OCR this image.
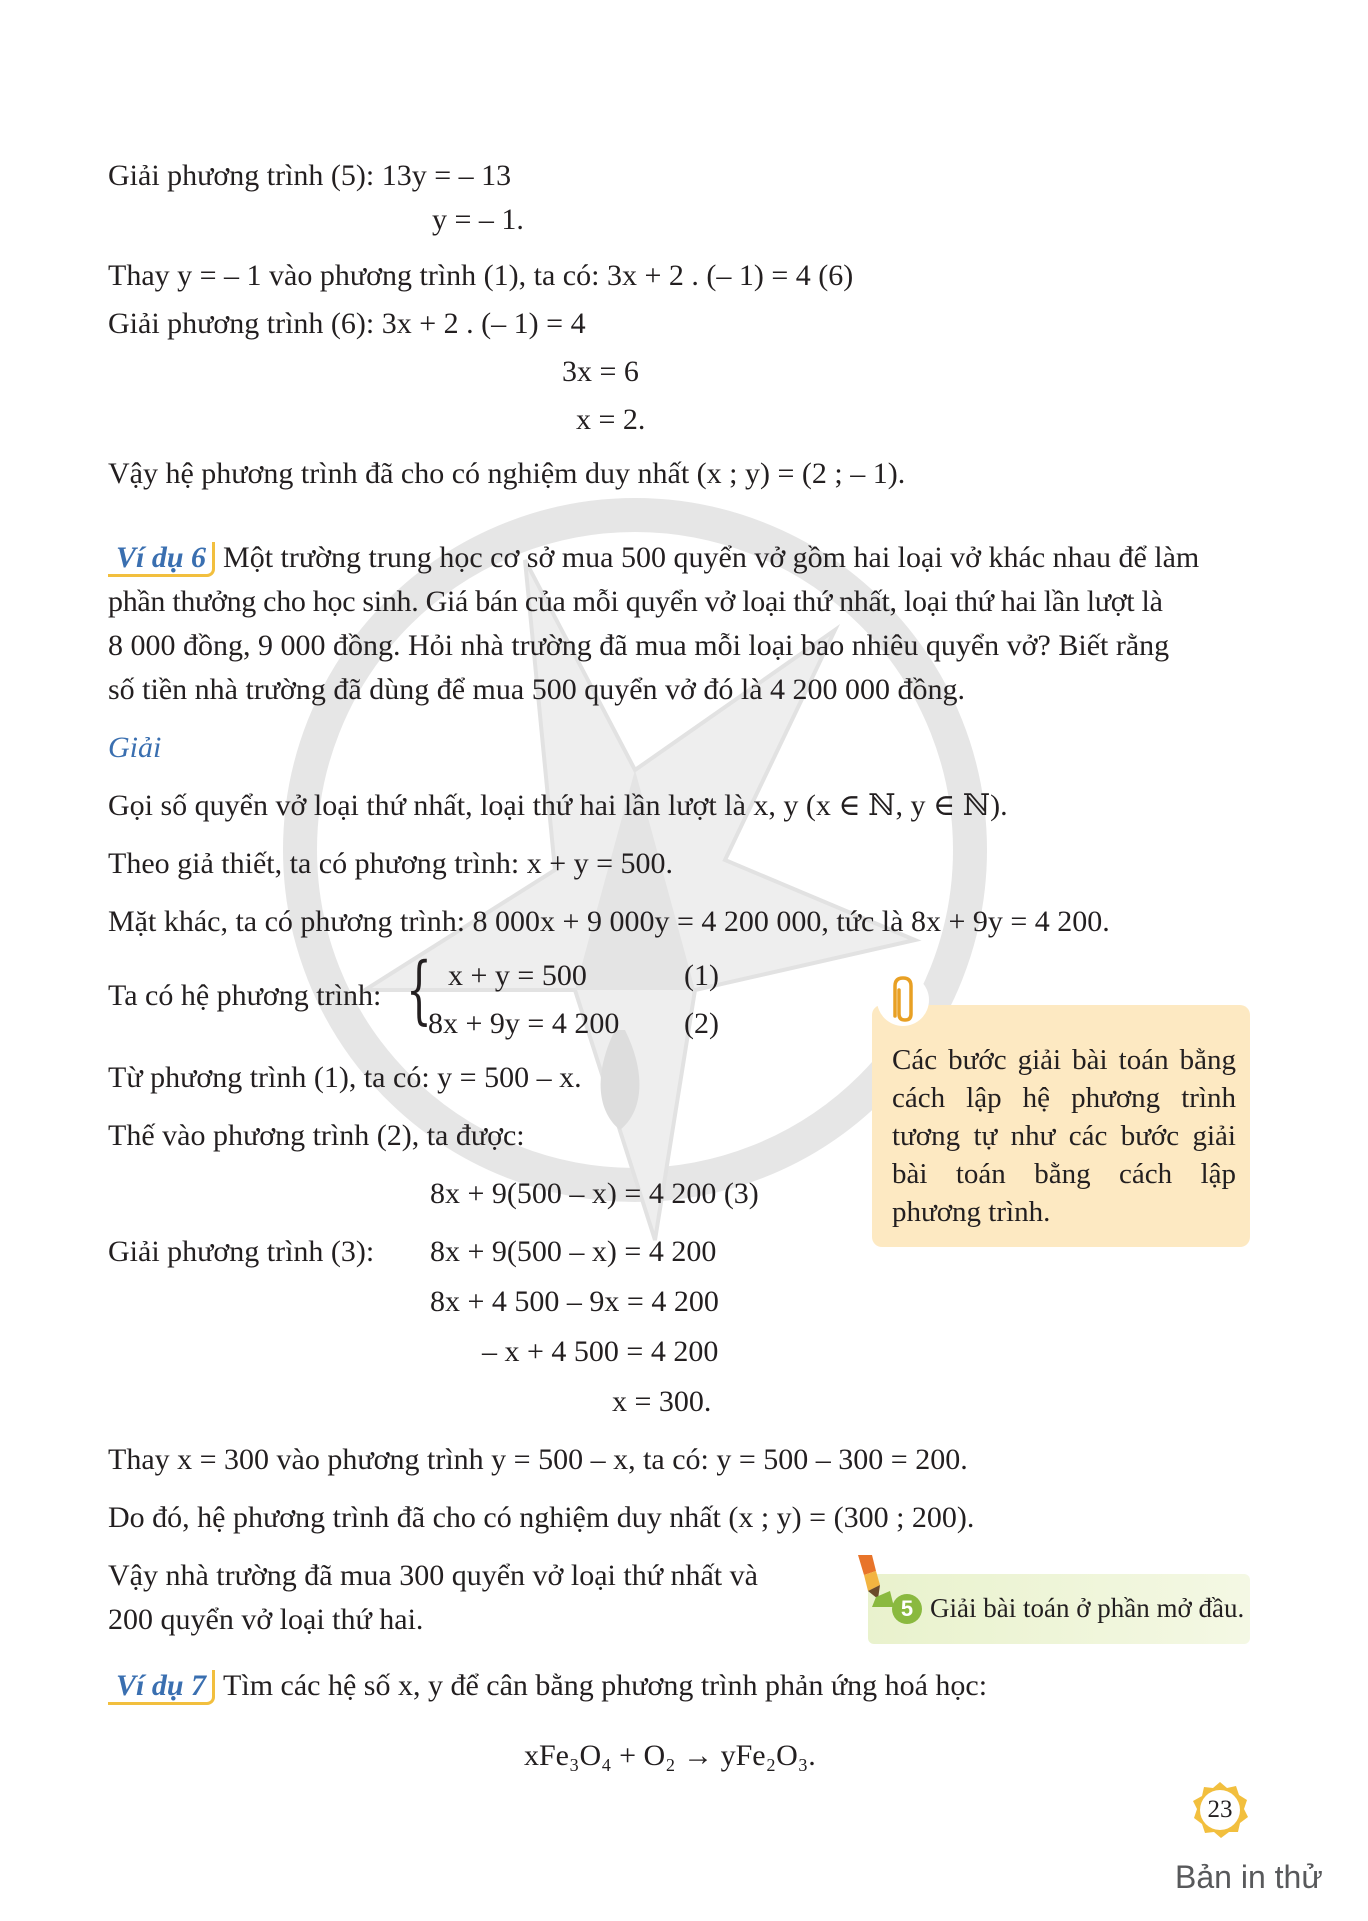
Giải phương trình (5): 13y = – 13
y = – 1.
Thay y = – 1 vào phương trình (1), ta có: 3x + 2 . (– 1) = 4 (6)
Giải phương trình (6): 3x + 2 . (– 1) = 4
3x = 6
x = 2.
Vậy hệ phương trình đã cho có nghiệm duy nhất (x ; y) = (2 ; – 1).
Ví dụ 6 Một trường trung học cơ sở mua 500 quyển vở gồm hai loại vở khác nhau để làm
phần thưởng cho học sinh. Giá bán của mỗi quyển vở loại thứ nhất, loại thứ hai lần lượt là
8 000 đồng, 9 000 đồng. Hỏi nhà trường đã mua mỗi loại bao nhiêu quyển vở? Biết rằng
số tiền nhà trường đã dùng để mua 500 quyển vở đó là 4 200 000 đồng.
Giải
Gọi số quyển vở loại thứ nhất, loại thứ hai lần lượt là x, y (x ∈ ℕ, y ∈ ℕ).
Theo giả thiết, ta có phương trình: x + y = 500.
Mặt khác, ta có phương trình: 8 000x + 9 000y = 4 200 000, tức là 8x + 9y = 4 200.
Ta có hệ phương trình: { x + y = 500	(1)
8x + 9y = 4 200 (2)
Từ phương trình (1), ta có: y = 500 – x.
Thế vào phương trình (2), ta được:
8x + 9(500 – x) = 4 200 (3)
Giải phương trình (3): 8x + 9(500 – x) = 4 200
8x + 4 500 – 9x = 4 200
– x + 4 500 = 4 200
x = 300.
Thay x = 300 vào phương trình y = 500 – x, ta có: y = 500 – 300 = 200.
Do đó, hệ phương trình đã cho có nghiệm duy nhất (x ; y) = (300 ; 200).
Vậy nhà trường đã mua 300 quyển vở loại thứ nhất và
200 quyển vở loại thứ hai.
Các bước giải bài toán bằng cách lập hệ phương trình tương tự như các bước giải bài toán bằng cách lập phương trình.
5 Giải bài toán ở phần mở đầu.
Ví dụ 7 Tìm các hệ số x, y để cân bằng phương trình phản ứng hoá học:
xFe₃O₄ + O₂ → yFe₂O₃.
23
Bản in thử
